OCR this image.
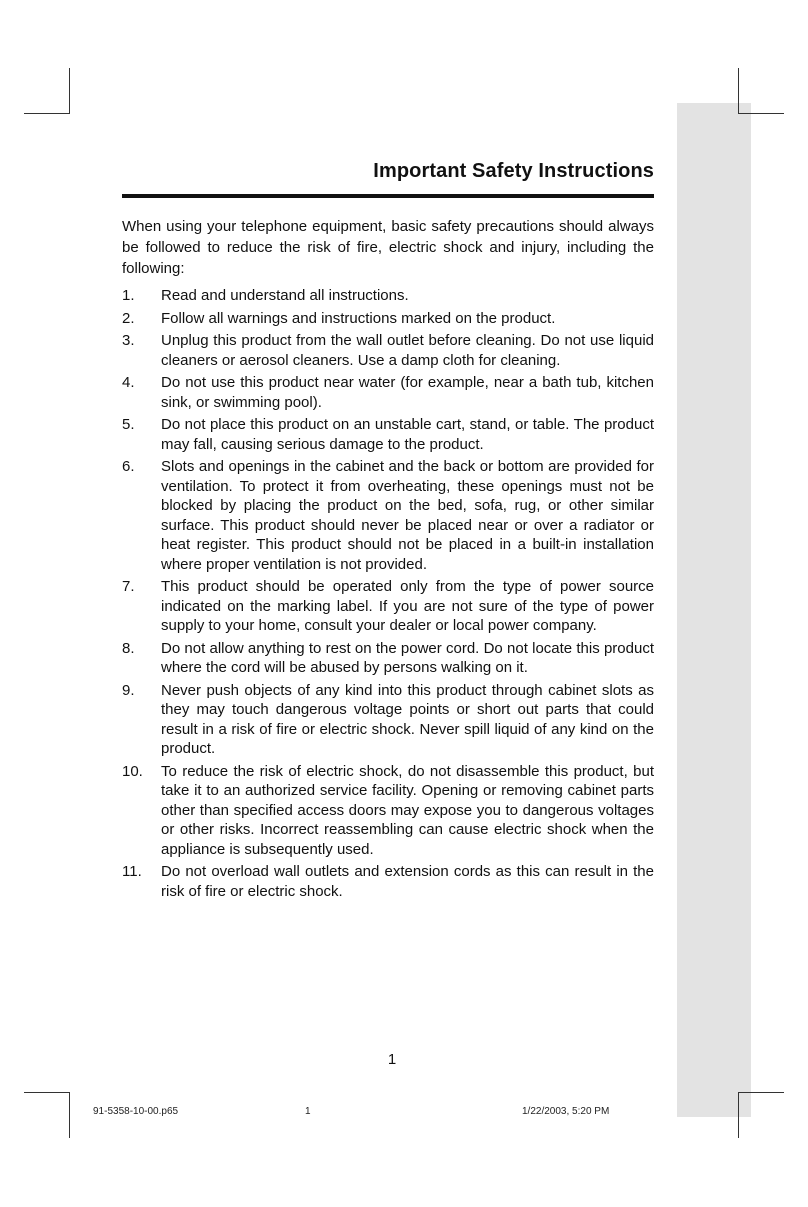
Important Safety Instructions

When using your telephone equipment, basic safety precautions should always be followed to reduce the risk of fire, electric shock and injury, including the following:

1.	Read and understand all instructions.
2.	Follow all warnings and instructions marked on the product.
3.	Unplug this product from the wall outlet before cleaning. Do not use liquid cleaners or aerosol cleaners. Use a damp cloth for cleaning.
4.	Do not use this product near water (for example, near a bath tub, kitchen sink, or swimming pool).
5.	Do not place this product on an unstable cart, stand, or table. The product may fall, causing serious damage to the product.
6.	Slots and openings in the cabinet and the back or bottom are provided for ventilation. To protect it from overheating, these openings must not be blocked by placing the product on the bed, sofa, rug, or other similar surface. This product should never be placed near or over a radiator or heat register. This product should not be placed in a built-in installation where proper ventilation is not provided.
7.	This product should be operated only from the type of power source indicated on the marking label. If you are not sure of the type of power supply to your home, consult your dealer or local power company.
8.	Do not allow anything to rest on the power cord. Do not locate this product where the cord will be abused by persons walking on it.
9.	Never push objects of any kind into this product through cabinet slots as they may touch dangerous voltage points or short out parts that could result in a risk of fire or electric shock. Never spill liquid of any kind on the product.
10.	To reduce the risk of electric shock, do not disassemble this product, but take it to an authorized service facility. Opening or removing cabinet parts other than specified access doors may expose you to dangerous voltages or other risks. Incorrect reassembling can cause electric shock when the appliance is subsequently used.
11.	Do not overload wall outlets and extension cords as this can result in the risk of fire or electric shock.
1
91-5358-10-00.p65	1	1/22/2003, 5:20 PM
